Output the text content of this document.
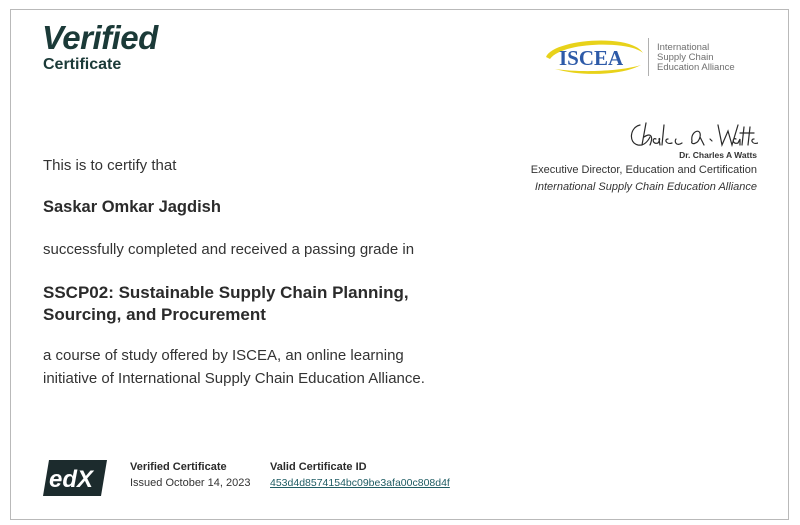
Verified
Certificate	ISCEA	International
Supply Chain
Education Alliance
Dr. Charles A Watts
Executive Director, Education and Certification
International Supply Chain Education Alliance
This is to certify that
Saskar Omkar Jagdish
successfully completed and received a passing grade in
SSCP02: Sustainable Supply Chain Planning,
Sourcing, and Procurement
a course of study offered by ISCEA, an online learning
initiative of International Supply Chain Education Alliance.
edX	Verified Certificate
Issued October 14, 2023
Valid Certificate ID
453d4d8574154bc09be3afa00c808d4f
